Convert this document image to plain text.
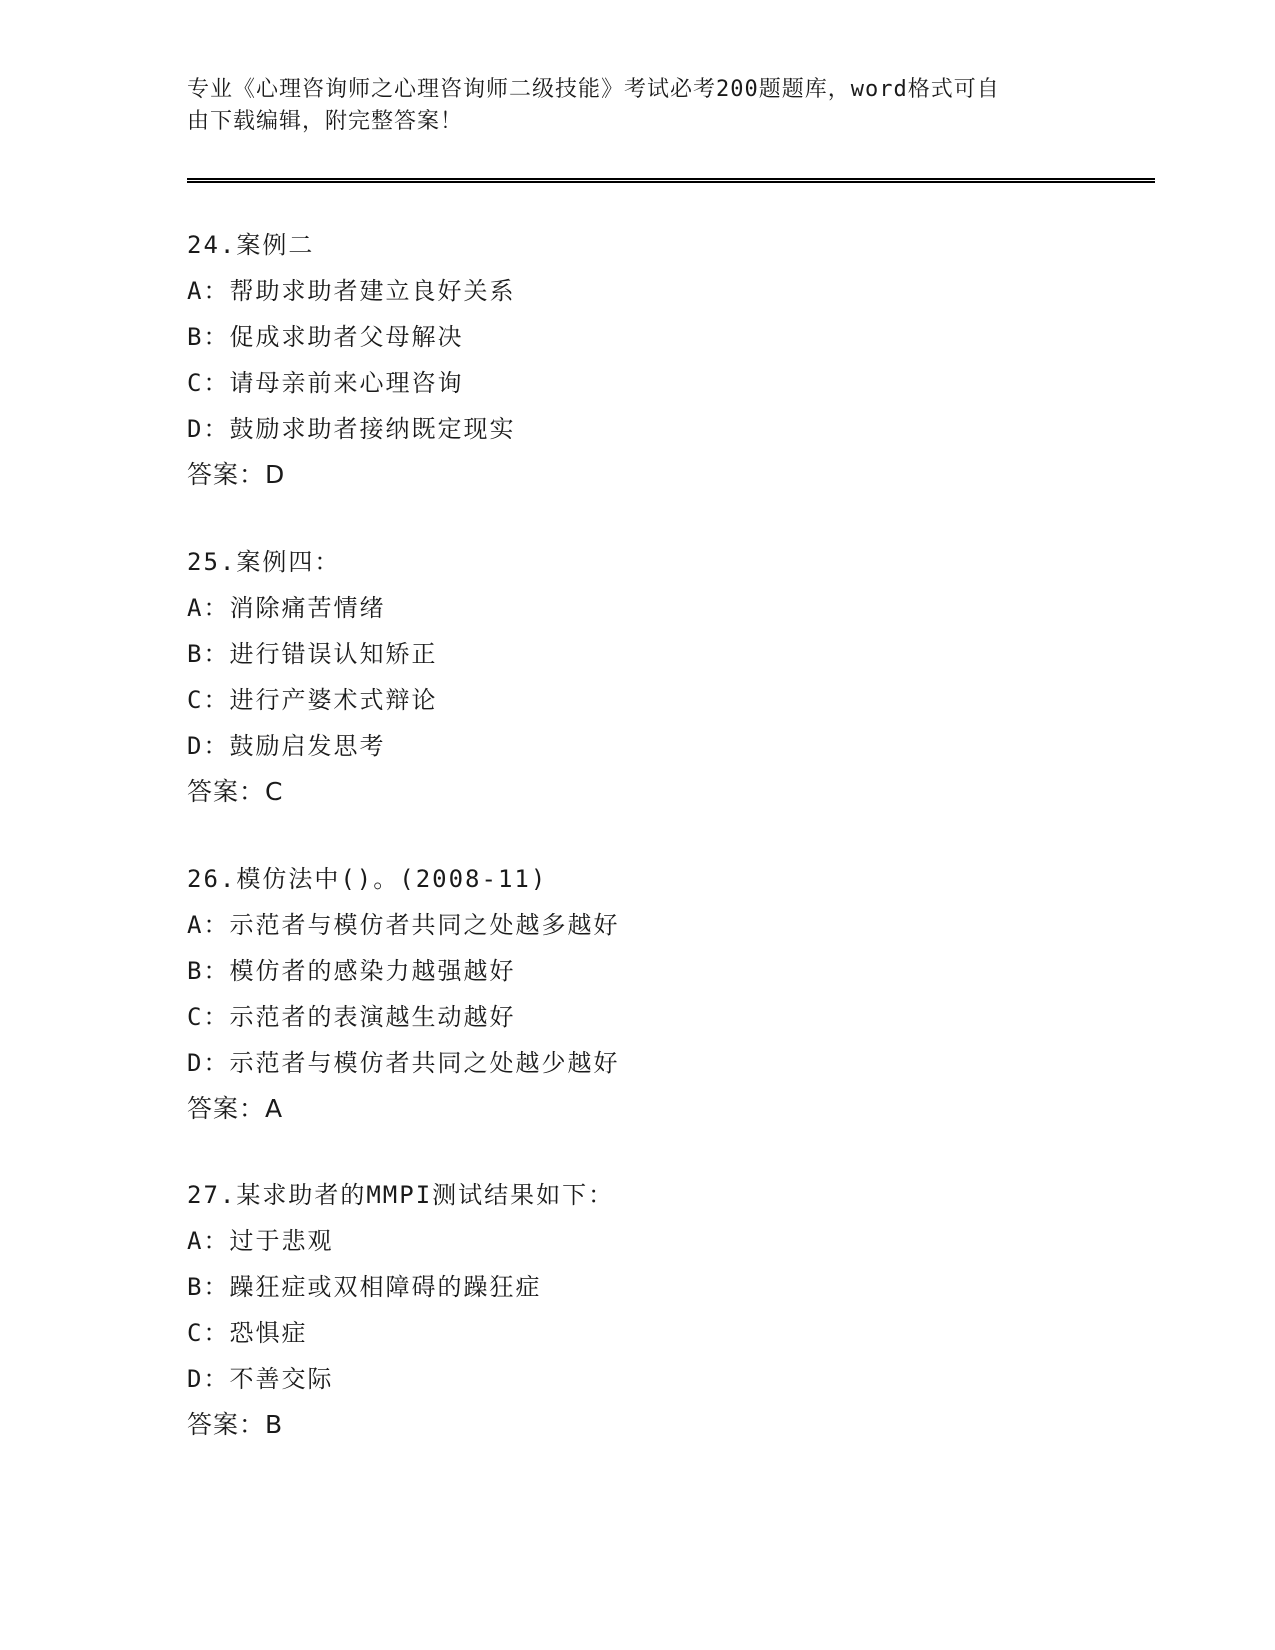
专业《心理咨询师之心理咨询师二级技能》考试必考200题题库，word格式可自
由下载编辑，附完整答案！
24.案例二
A：帮助求助者建立良好关系
B：促成求助者父母解决
C：请母亲前来心理咨询
D：鼓励求助者接纳既定现实
答案：D
25.案例四：
A：消除痛苦情绪
B：进行错误认知矫正
C：进行产婆术式辩论
D：鼓励启发思考
答案：C
26.模仿法中()。(2008-11)
A：示范者与模仿者共同之处越多越好
B：模仿者的感染力越强越好
C：示范者的表演越生动越好
D：示范者与模仿者共同之处越少越好
答案：A
27.某求助者的MMPI测试结果如下：
A：过于悲观
B：躁狂症或双相障碍的躁狂症
C：恐惧症
D：不善交际
答案：B
